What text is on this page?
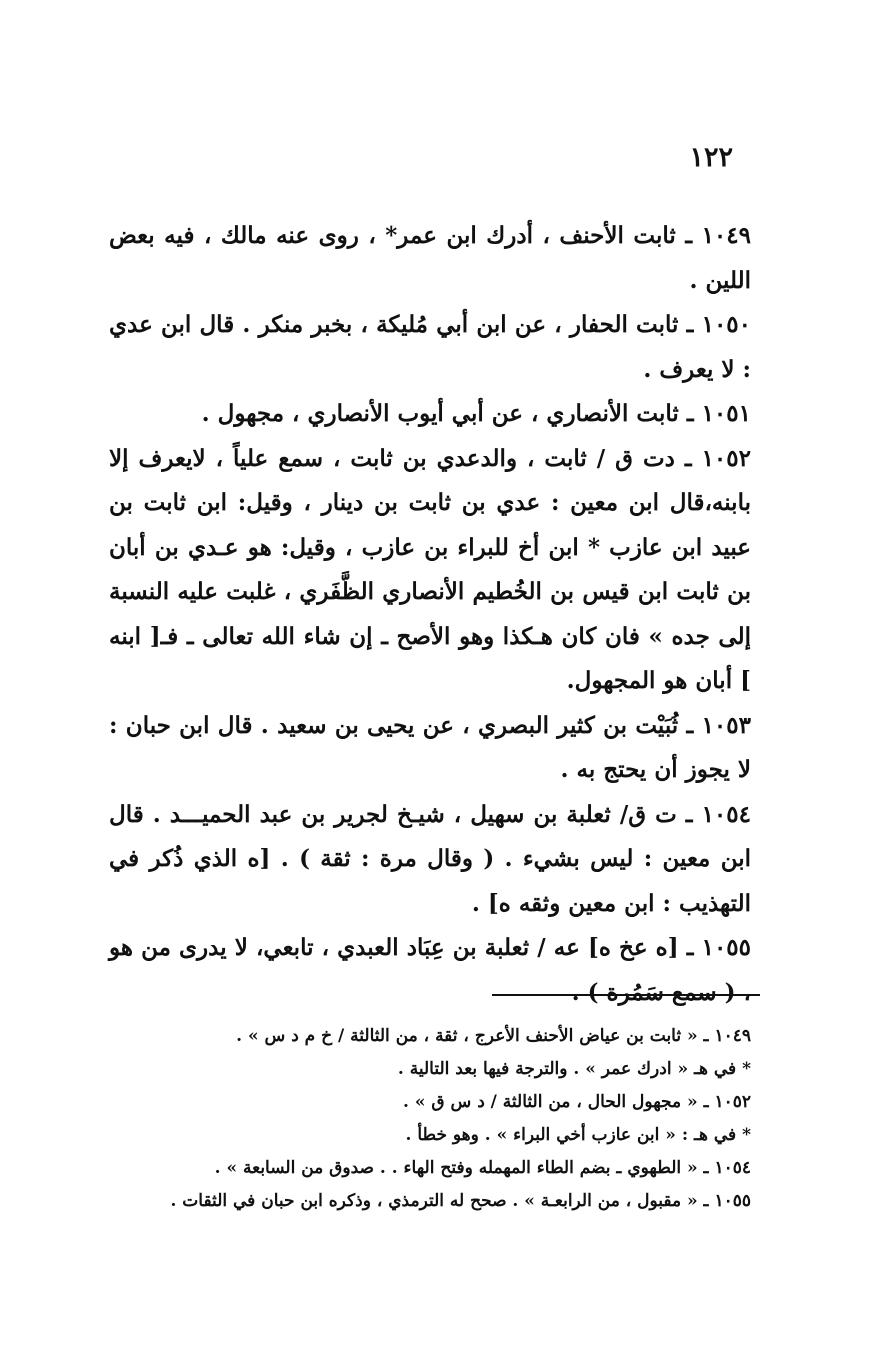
١٢٢

١٠٤٩ ـ ثابت الأحنف ، أدرك ابن عمر* ، روى عنه مالك ، فيه بعض اللين .

١٠٥٠ ـ ثابت الحفار ، عن ابن أبي مُليكة ، بخبر منكر . قال ابن عدي : لا يعرف .

١٠٥١ ـ ثابت الأنصاري ، عن أبي أيوب الأنصاري ، مجهول .

١٠٥٢ ـ دت ق / ثابت ، والدعدي بن ثابت ، سمع علياً ، لايعرف إلا بابنه،قال ابن معين : عدي بن ثابت بن دينار ، وقيل: ابن ثابت بن عبيد ابن عازب * ابن أخ للبراء بن عازب ، وقيل: هو عـدي بن أبان بن ثابت ابن قيس بن الخُطيم الأنصاري الظَّفَري ، غلبت عليه النسبة إلى جده » فان كان هـكذا وهو الأصح ـ إن شاء الله تعالى ـ فـ[ ابنه ] أبان هو المجهول.

١٠٥٣ ـ ثُبَيْت بن كثير البصري ، عن يحيى بن سعيد . قال ابن حبان : لا يجوز أن يحتج به .

١٠٥٤ ـ ت ق/ ثعلبة بن سهيل ، شيـخ لجرير بن عبد الحميـــد . قال ابن معين : ليس بشيء . ( وقال مرة : ثقة ) . [ه الذي ذُكر في التهذيب : ابن معين وثقه ه] .

١٠٥٥ ـ [ه عخ ه] عه / ثعلبة بن عِبَاد العبدي ، تابعي، لا يدرى من هو ، ( سمع سَمُرة ) .

١٠٤٩ ـ « ثابت بن عياض الأحنف الأعرج ، ثقة ، من الثالثة / خ م د س » .

* في هـ « ادرك عمر » . والترجة فيها بعد التالية .

١٠٥٢ ـ « مجهول الحال ، من الثالثة / د س ق » .

* في هـ : « ابن عازب أخي البراء » . وهو خطأ .

١٠٥٤ ـ « الطهوي ـ بضم الطاء المهمله وفتح الهاء . . صدوق من السابعة » .

١٠٥٥ ـ « مقبول ، من الرابعـة » . صحح له الترمذي ، وذكره ابن حبان في الثقات .
